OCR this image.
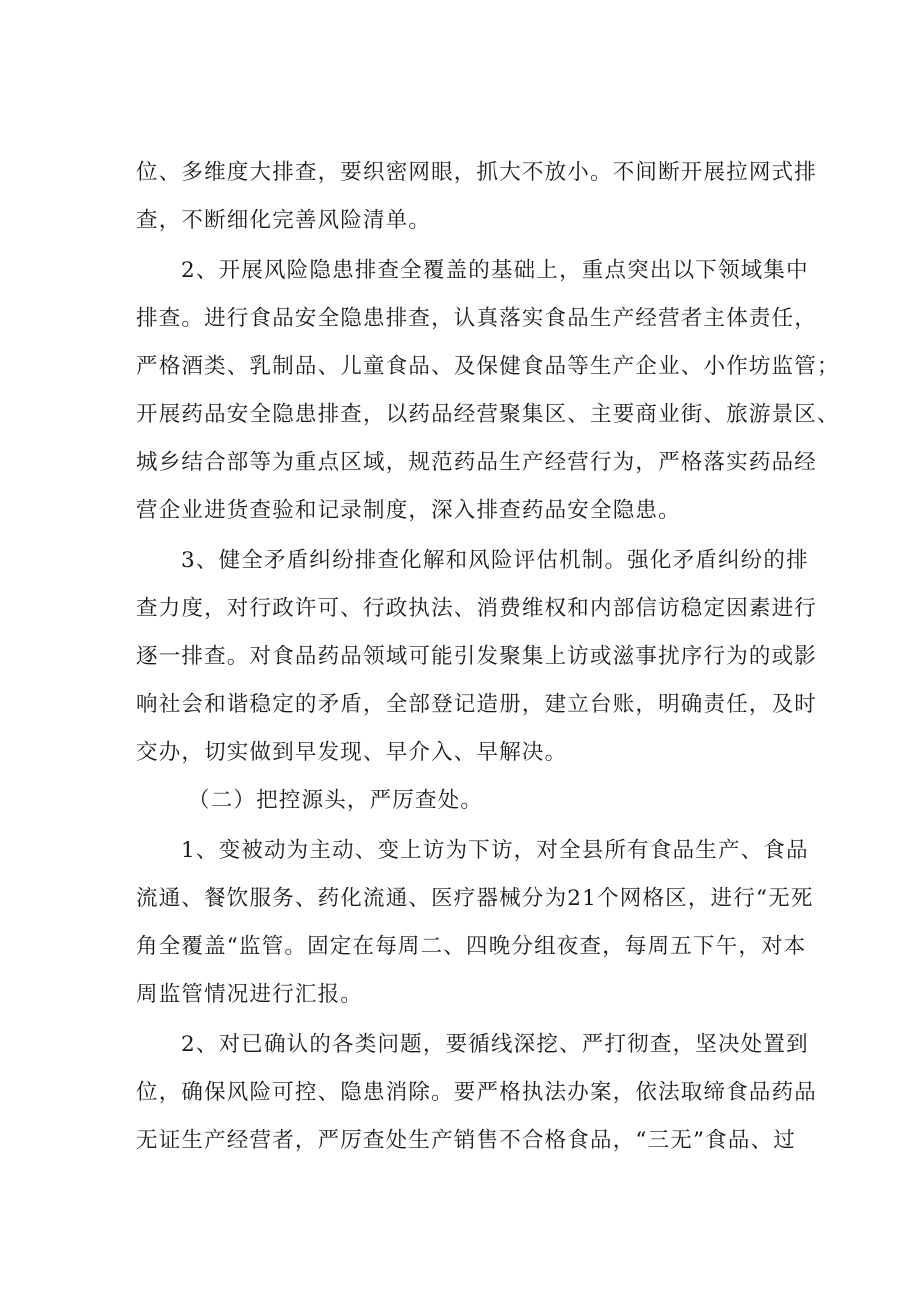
位、多维度大排查，要织密网眼，抓大不放小。不间断开展拉网式排
查，不断细化完善风险清单。
2、开展风险隐患排查全覆盖的基础上，重点突出以下领域集中
排查。进行食品安全隐患排查，认真落实食品生产经营者主体责任，
严格酒类、乳制品、儿童食品、及保健食品等生产企业、小作坊监管；
开展药品安全隐患排查，以药品经营聚集区、主要商业街、旅游景区、
城乡结合部等为重点区域，规范药品生产经营行为，严格落实药品经
营企业进货查验和记录制度，深入排查药品安全隐患。
3、健全矛盾纠纷排查化解和风险评估机制。强化矛盾纠纷的排
查力度，对行政许可、行政执法、消费维权和内部信访稳定因素进行
逐一排查。对食品药品领域可能引发聚集上访或滋事扰序行为的或影
响社会和谐稳定的矛盾，全部登记造册，建立台账，明确责任，及时
交办，切实做到早发现、早介入、早解决。
（二）把控源头，严厉查处。
1、变被动为主动、变上访为下访，对全县所有食品生产、食品
流通、餐饮服务、药化流通、医疗器械分为21个网格区，进行“无死
角全覆盖“监管。固定在每周二、四晚分组夜查，每周五下午，对本
周监管情况进行汇报。
2、对已确认的各类问题，要循线深挖、严打彻查，坚决处置到
位，确保风险可控、隐患消除。要严格执法办案，依法取缔食品药品
无证生产经营者，严厉查处生产销售不合格食品，“三无”食品、过
